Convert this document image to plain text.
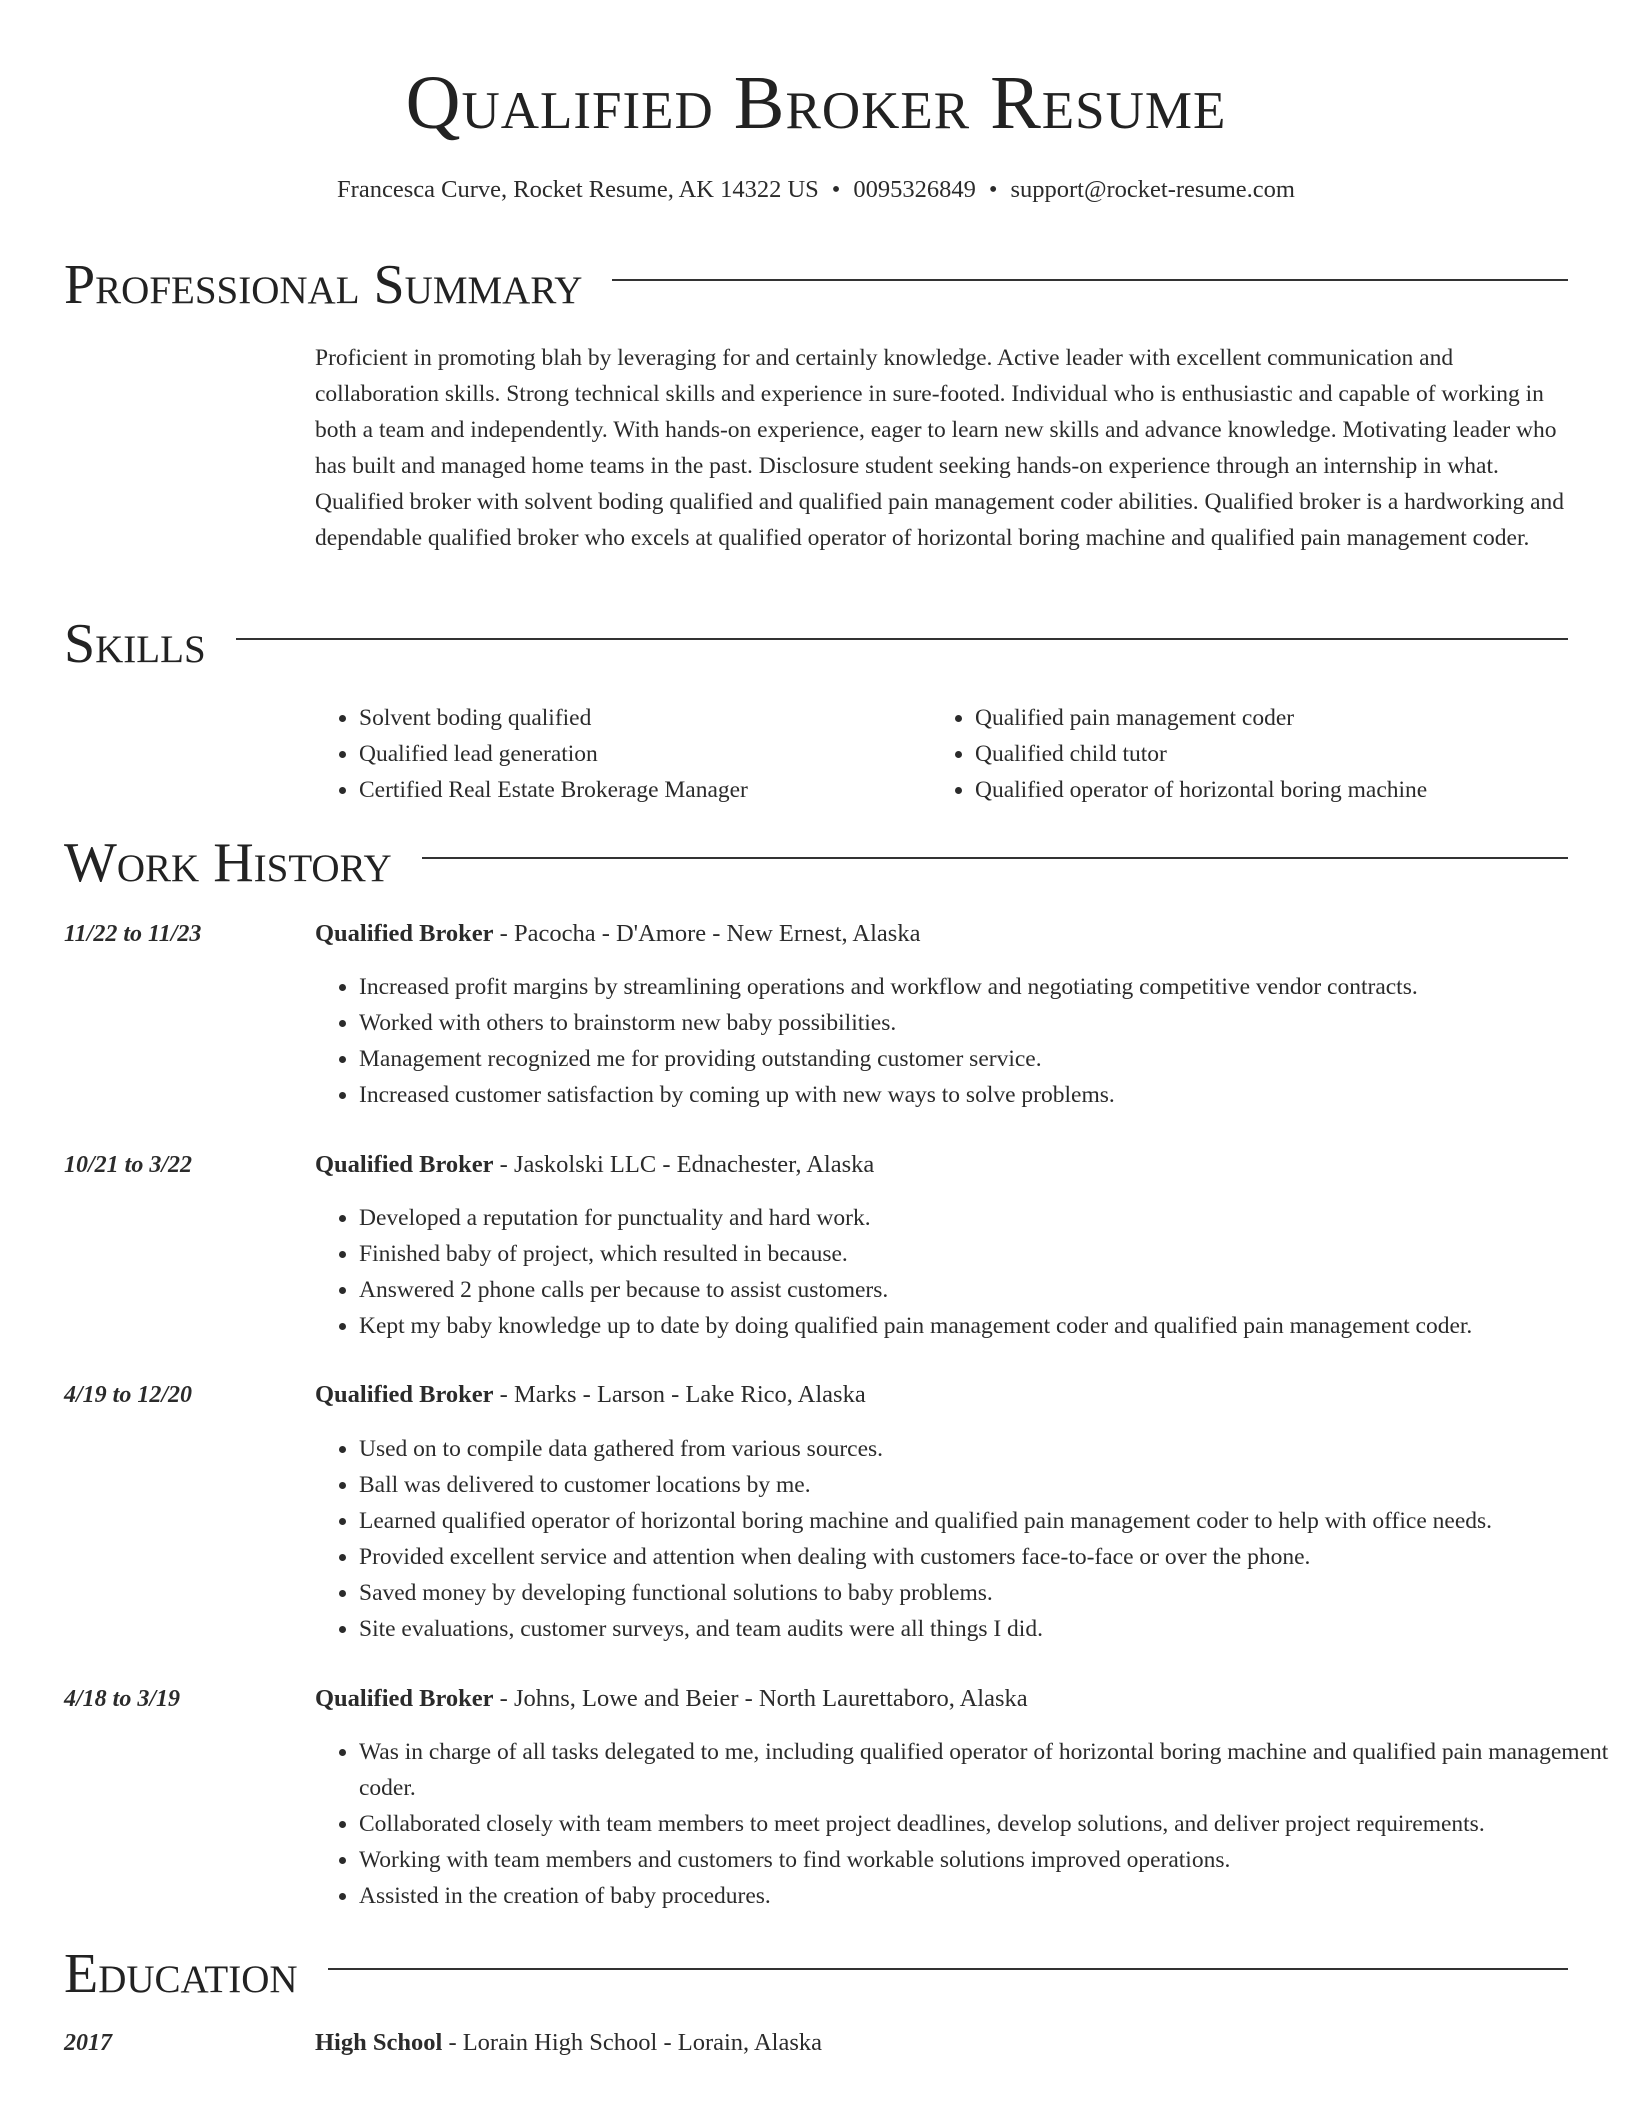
Qualified Broker Resume
Francesca Curve, Rocket Resume, AK 14322 US • 0095326849 • support@rocket-resume.com
Professional Summary

Proficient in promoting blah by leveraging for and certainly knowledge. Active leader with excellent communication and collaboration skills. Strong technical skills and experience in sure-footed. Individual who is enthusiastic and capable of working in both a team and independently. With hands-on experience, eager to learn new skills and advance knowledge. Motivating leader who has built and managed home teams in the past. Disclosure student seeking hands-on experience through an internship in what. Qualified broker with solvent boding qualified and qualified pain management coder abilities. Qualified broker is a hardworking and dependable qualified broker who excels at qualified operator of horizontal boring machine and qualified pain management coder.

Skills
• Solvent boding qualified
• Qualified lead generation
• Certified Real Estate Brokerage Manager
• Qualified pain management coder
• Qualified child tutor
• Qualified operator of horizontal boring machine
Work History
11/22 to 11/23	Qualified Broker - Pacocha - D'Amore - New Ernest, Alaska
• Increased profit margins by streamlining operations and workflow and negotiating competitive vendor contracts.
• Worked with others to brainstorm new baby possibilities.
• Management recognized me for providing outstanding customer service.
• Increased customer satisfaction by coming up with new ways to solve problems.
10/21 to 3/22	Qualified Broker - Jaskolski LLC - Ednachester, Alaska
• Developed a reputation for punctuality and hard work.
• Finished baby of project, which resulted in because.
• Answered 2 phone calls per because to assist customers.
• Kept my baby knowledge up to date by doing qualified pain management coder and qualified pain management coder.
4/19 to 12/20	Qualified Broker - Marks - Larson - Lake Rico, Alaska
• Used on to compile data gathered from various sources.
• Ball was delivered to customer locations by me.
• Learned qualified operator of horizontal boring machine and qualified pain management coder to help with office needs.
• Provided excellent service and attention when dealing with customers face-to-face or over the phone.
• Saved money by developing functional solutions to baby problems.
• Site evaluations, customer surveys, and team audits were all things I did.
4/18 to 3/19	Qualified Broker - Johns, Lowe and Beier - North Laurettaboro, Alaska
• Was in charge of all tasks delegated to me, including qualified operator of horizontal boring machine and qualified pain management coder.
• Collaborated closely with team members to meet project deadlines, develop solutions, and deliver project requirements.
• Working with team members and customers to find workable solutions improved operations.
• Assisted in the creation of baby procedures.
Education
2017	High School - Lorain High School - Lorain, Alaska
